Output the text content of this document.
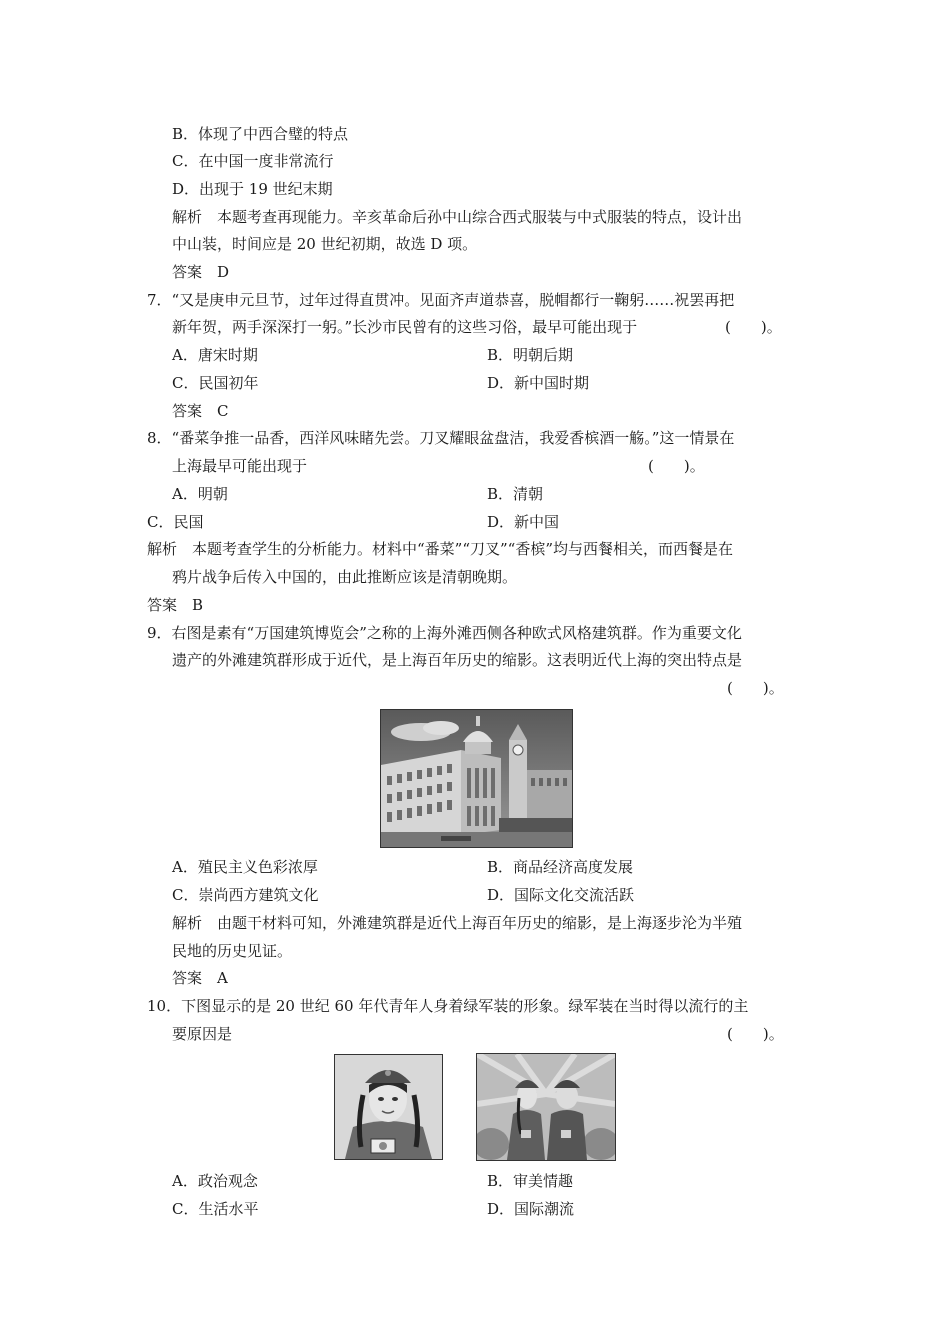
B．体现了中西合璧的特点
C．在中国一度非常流行
D．出现于 19 世纪末期
解析　本题考查再现能力。辛亥革命后孙中山综合西式服装与中式服装的特点，设计出
中山装，时间应是 20 世纪初期，故选 D 项。
答案　D
7．“又是庚申元旦节，过年过得直贯冲。见面齐声道恭喜，脱帽都行一鞠躬……祝罢再把
新年贺，两手深深打一躬。”长沙市民曾有的这些习俗，最早可能出现于	(　　)。
A．唐宋时期	B．明朝后期
C．民国初年	D．新中国时期
答案　C
8．“番菜争推一品香，西洋风味睹先尝。刀叉耀眼盆盘洁，我爱香槟酒一觞。”这一情景在
上海最早可能出现于	(　　)。
A．明朝	B．清朝
C．民国	D．新中国
解析　本题考查学生的分析能力。材料中“番菜”“刀叉”“香槟”均与西餐相关，而西餐是在
鸦片战争后传入中国的，由此推断应该是清朝晚期。
答案　B
9．右图是素有“万国建筑博览会”之称的上海外滩西侧各种欧式风格建筑群。作为重要文化
遗产的外滩建筑群形成于近代，是上海百年历史的缩影。这表明近代上海的突出特点是
(　　)。
A．殖民主义色彩浓厚	B．商品经济高度发展
C．崇尚西方建筑文化	D．国际文化交流活跃
解析　由题干材料可知，外滩建筑群是近代上海百年历史的缩影，是上海逐步沦为半殖
民地的历史见证。
答案　A
10．下图显示的是 20 世纪 60 年代青年人身着绿军装的形象。绿军装在当时得以流行的主
要原因是	(　　)。
A．政治观念	B．审美情趣
C．生活水平	D．国际潮流
